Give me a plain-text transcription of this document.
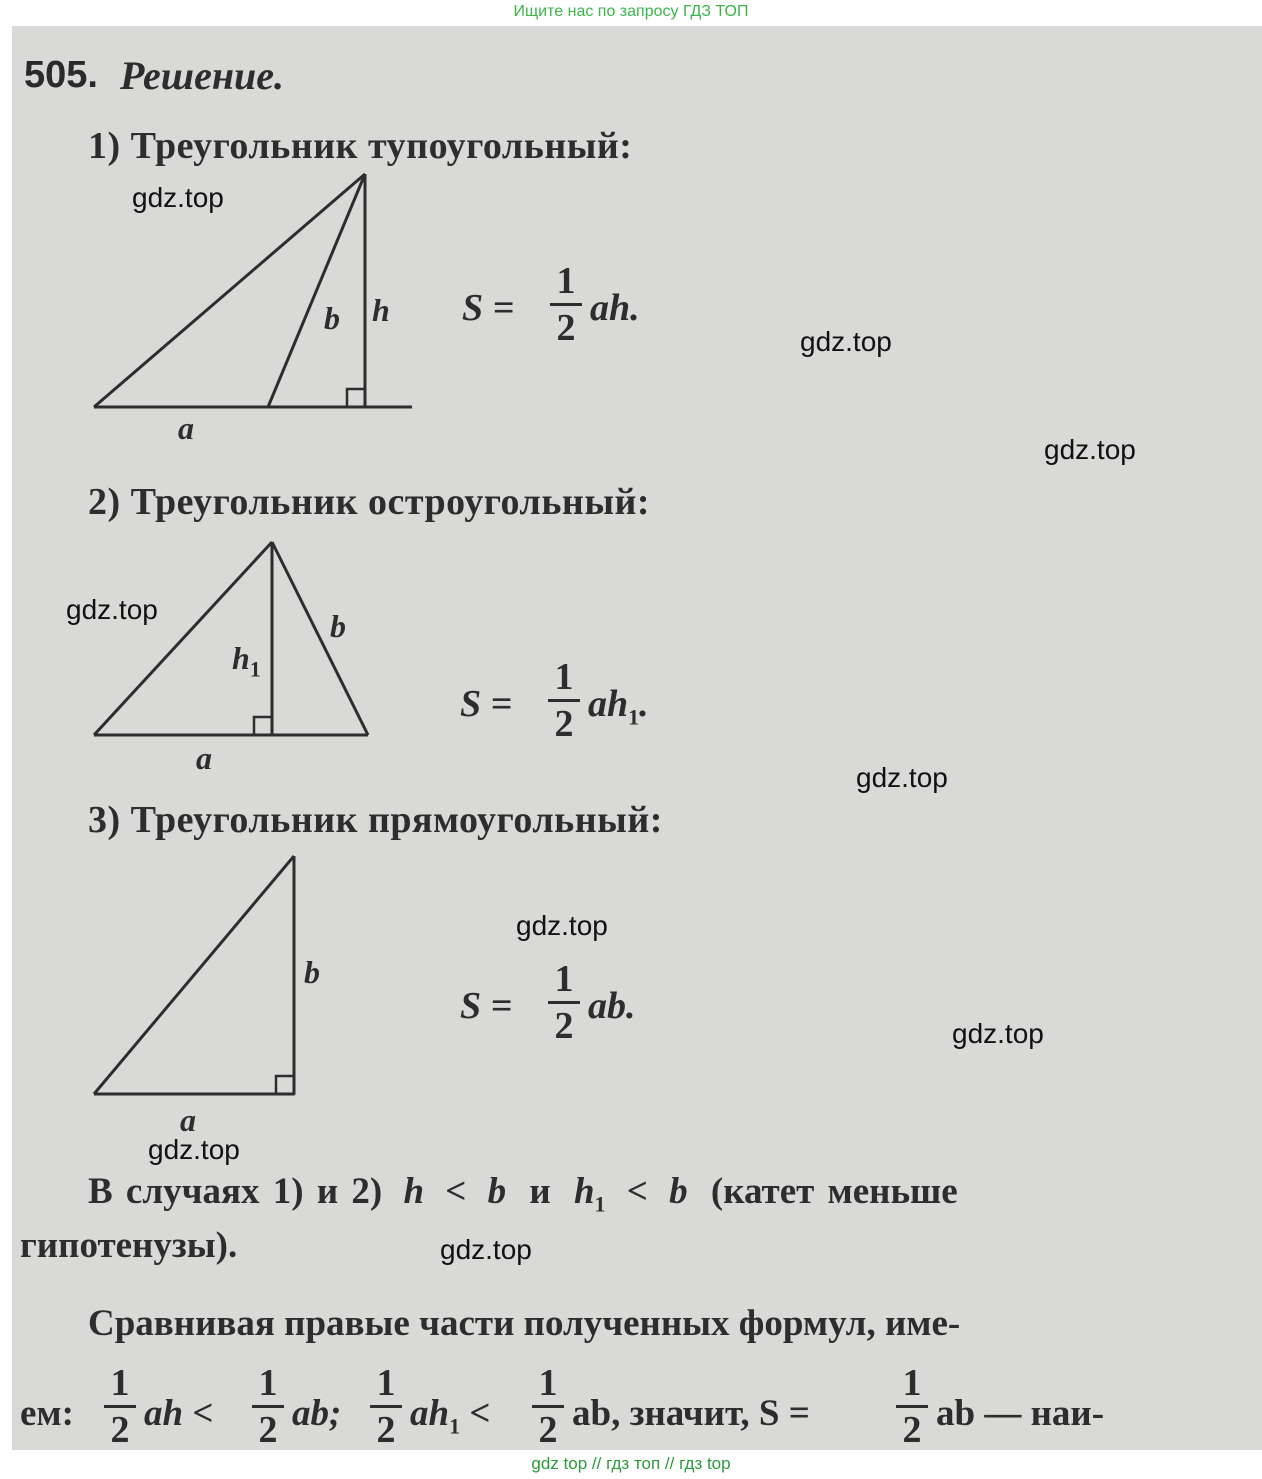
Ищите нас по запросу ГДЗ ТОП
505. Решение.
1) Треугольник тупоугольный:
a
b h S =
1
2 ah.
2) Треугольник остроугольный:
a
b
$h_1$
S =
1
2 $ah_1$.
3) Треугольник прямоугольный:
a
b
S =
1
2 ab.
В случаях 1) и 2) h < b и $h_1 < b$ (катет меньше
гипотенузы).
Сравнивая правые части полученных формул, име-
ем:
1
2 ah <
1
2 ab;
1
2 $ah_1$ <
1
2 ab, значит, S =
1
2 ab — наи-
gdz.top
gdz.top
gdz.top
gdz.top
gdz.top
gdz.top
gdz.top
gdz.top
gdz.top
gdz top // гдз топ // гдз top
